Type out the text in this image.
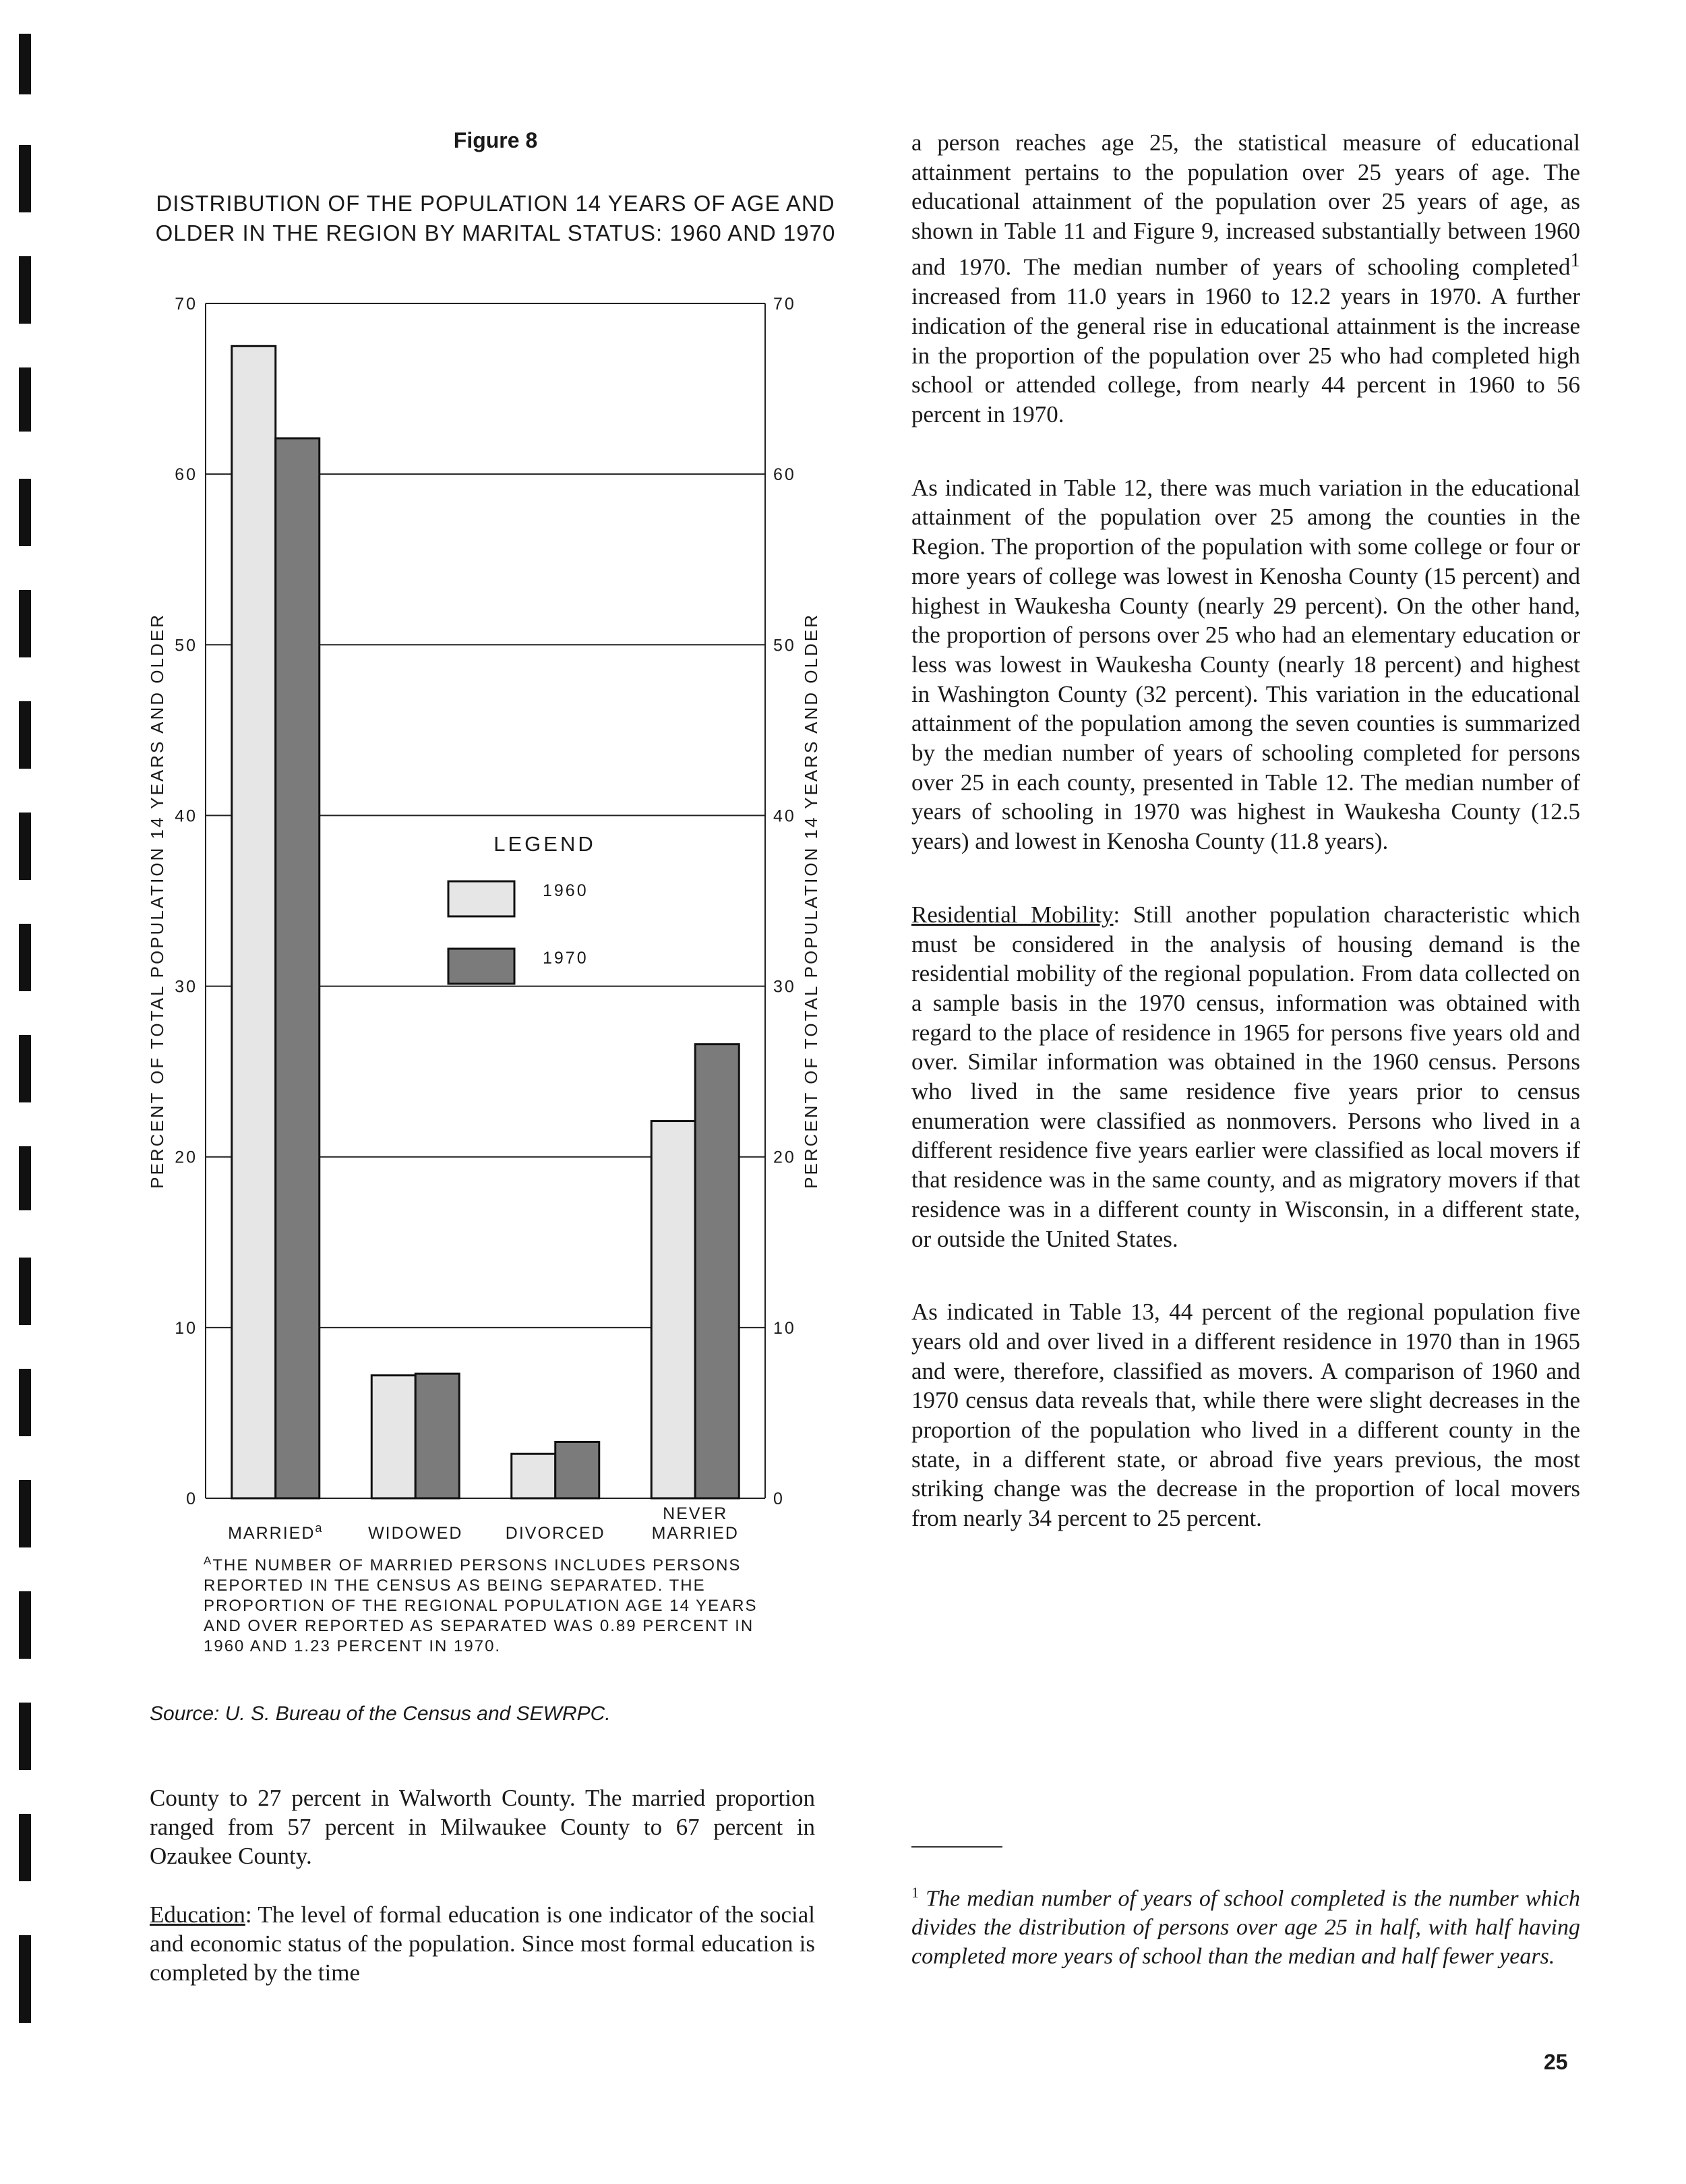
Figure 8
DISTRIBUTION OF THE POPULATION 14 YEARS OF AGE AND OLDER IN THE REGION BY MARITAL STATUS: 1960 AND 1970
0	0
10	10
20	20
30	30
40	40
50	50
60	60
70	70
MARRIED$^a$	WIDOWED	DIVORCED
NEVER
MARRIED
PERCENT OF TOTAL POPULATION 14 YEARS AND OLDER	PERCENT OF TOTAL POPULATION 14 YEARS AND OLDER
LEGEND
1960
1970
$^A$THE NUMBER OF MARRIED PERSONS INCLUDES PERSONS REPORTED IN THE CENSUS AS BEING SEPARATED. THE PROPORTION OF THE REGIONAL POPULATION AGE 14 YEARS AND OVER REPORTED AS SEPARATED WAS 0.89 PERCENT IN 1960 AND 1.23 PERCENT IN 1970.
Source: U. S. Bureau of the Census and SEWRPC.

County to 27 percent in Walworth County. The married proportion ranged from 57 percent in Milwaukee County to 67 percent in Ozaukee County.

Education: The level of formal education is one indicator of the social and economic status of the population. Since most formal education is completed by the time

a person reaches age 25, the statistical measure of educational attainment pertains to the population over 25 years of age. The educational attainment of the population over 25 years of age, as shown in Table 11 and Figure 9, increased substantially between 1960 and 1970. The median number of years of schooling completed$^1$ increased from 11.0 years in 1960 to 12.2 years in 1970. A further indication of the general rise in educational attainment is the increase in the proportion of the population over 25 who had completed high school or attended college, from nearly 44 percent in 1960 to 56 percent in 1970.

As indicated in Table 12, there was much variation in the educational attainment of the population over 25 among the counties in the Region. The proportion of the population with some college or four or more years of college was lowest in Kenosha County (15 percent) and highest in Waukesha County (nearly 29 percent). On the other hand, the proportion of persons over 25 who had an elementary education or less was lowest in Waukesha County (nearly 18 percent) and highest in Washington County (32 percent). This variation in the educational attainment of the population among the seven counties is summarized by the median number of years of schooling completed for persons over 25 in each county, presented in Table 12. The median number of years of schooling in 1970 was highest in Waukesha County (12.5 years) and lowest in Kenosha County (11.8 years).

Residential Mobility: Still another population characteristic which must be considered in the analysis of housing demand is the residential mobility of the regional population. From data collected on a sample basis in the 1970 census, information was obtained with regard to the place of residence in 1965 for persons five years old and over. Similar information was obtained in the 1960 census. Persons who lived in the same residence five years prior to census enumeration were classified as nonmovers. Persons who lived in a different residence five years earlier were classified as local movers if that residence was in the same county, and as migratory movers if that residence was in a different county in Wisconsin, in a different state, or outside the United States.

As indicated in Table 13, 44 percent of the regional population five years old and over lived in a different residence in 1970 than in 1965 and were, therefore, classified as movers. A comparison of 1960 and 1970 census data reveals that, while there were slight decreases in the proportion of the population who lived in a different county in the state, in a different state, or abroad five years previous, the most striking change was the decrease in the proportion of local movers from nearly 34 percent to 25 percent.

$^1$ The median number of years of school completed is the number which divides the distribution of persons over age 25 in half, with half having completed more years of school than the median and half fewer years.
25
